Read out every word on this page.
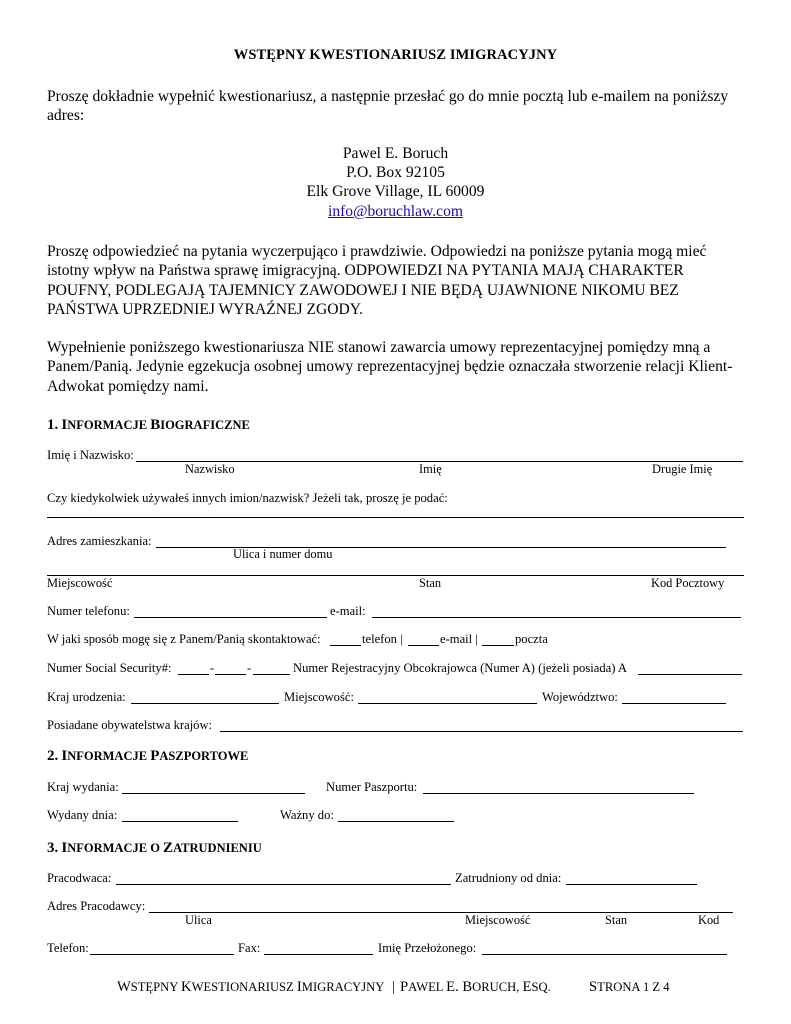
WSTĘPNY KWESTIONARIUSZ IMIGRACYJNY
Proszę dokładnie wypełnić kwestionariusz, a następnie przesłać go do mnie pocztą lub e-mailem na poniższy adres:
Pawel E. Boruch
P.O. Box 92105
Elk Grove Village, IL 60009
info@boruchlaw.com
Proszę odpowiedzieć na pytania wyczerpująco i prawdziwie. Odpowiedzi na poniższe pytania mogą mieć istotny wpływ na Państwa sprawę imigracyjną. ODPOWIEDZI NA PYTANIA MAJĄ CHARAKTER POUFNY, PODLEGAJĄ TAJEMNICY ZAWODOWEJ I NIE BĘDĄ UJAWNIONE NIKOMU BEZ PAŃSTWA UPRZEDNIEJ WYRAŹNEJ ZGODY.
Wypełnienie poniższego kwestionariusza NIE stanowi zawarcia umowy reprezentacyjnej pomiędzy mną a Panem/Panią. Jedynie egzekucja osobnej umowy reprezentacyjnej będzie oznaczała stworzenie relacji Klient-Adwokat pomiędzy nami.
1. INFORMACJE BIOGRAFICZNE
Imię i Nazwisko:
Nazwisko	Imię	Drugie Imię
Czy kiedykolwiek używałeś innych imion/nazwisk? Jeżeli tak, proszę je podać:
Adres zamieszkania:
Ulica i numer domu
Miejscowość	Stan	Kod Pocztowy
Numer telefonu:	e-mail:
W jaki sposób mogę się z Panem/Panią skontaktować:	telefon |	e-mail |	poczta
Numer Social Security#:	-	-	Numer Rejestracyjny Obcokrajowca (Numer A) (jeżeli posiada) A
Kraj urodzenia:	Miejscowość:	Województwo:
Posiadane obywatelstwa krajów:
2. INFORMACJE PASZPORTOWE
Kraj wydania:	Numer Paszportu:
Wydany dnia:	Ważny do:
3. INFORMACJE O ZATRUDNIENIU
Pracodwaca:	Zatrudniony od dnia:
Adres Pracodawcy:
Ulica	Miejscowość	Stan	Kod
Telefon:	Fax:	Imię Przełożonego:
WSTĘPNY KWESTIONARIUSZ IMIGRACYJNY | PAWEL E. BORUCH, ESQ.	STRONA 1 Z 4
